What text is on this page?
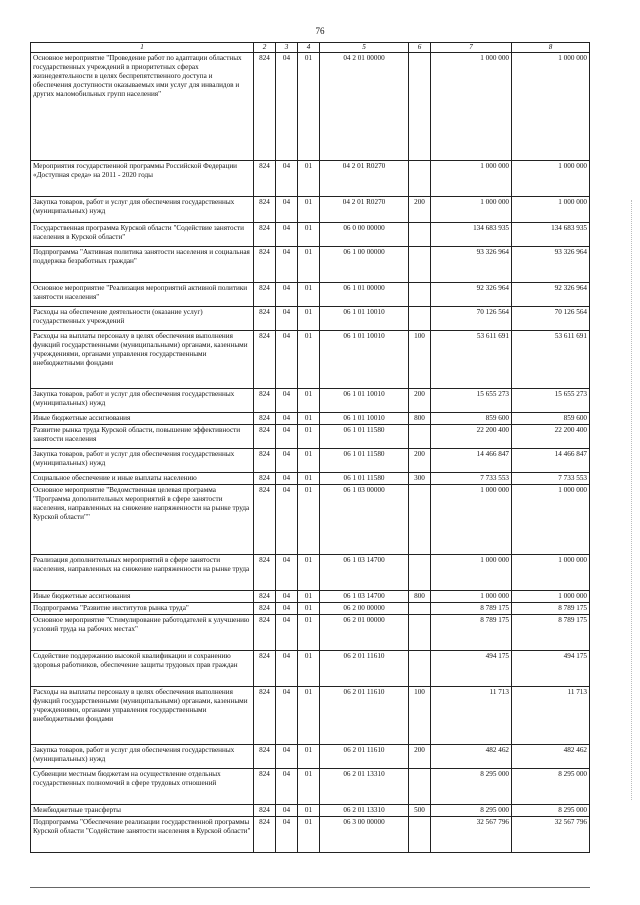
76
1	2	3	4	5	6	7	8
Основное мероприятие "Проведение работ по адаптации областных государственных учреждений в приоритетных сферах жизнедеятельности в целях беспрепятственного доступа и обеспечения доступности оказываемых ими услуг для инвалидов и других маломобильных групп населения"	824	04	01	04 2 01 00000		1 000 000	1 000 000
Мероприятия государственной программы Российской Федерации «Доступная среда» на 2011 - 2020 годы	824	04	01	04 2 01 R0270		1 000 000	1 000 000
Закупка товаров, работ и услуг для обеспечения государственных (муниципальных) нужд	824	04	01	04 2 01 R0270	200	1 000 000	1 000 000
Государственная программа Курской области "Содействие занятости населения в Курской области"	824	04	01	06 0 00 00000		134 683 935	134 683 935
Подпрограмма "Активная политика занятости населения и социальная поддержка безработных граждан"	824	04	01	06 1 00 00000		93 326 964	93 326 964
Основное мероприятие "Реализация мероприятий активной политики занятости населения"	824	04	01	06 1 01 00000		92 326 964	92 326 964
Расходы на обеспечение деятельности (оказание услуг) государственных учреждений	824	04	01	06 1 01 10010		70 126 564	70 126 564
Расходы на выплаты персоналу в целях обеспечения выполнения функций государственными (муниципальными) органами, казенными учреждениями, органами управления государственными внебюджетными фондами	824	04	01	06 1 01 10010	100	53 611 691	53 611 691
Закупка товаров, работ и услуг для обеспечения государственных (муниципальных) нужд	824	04	01	06 1 01 10010	200	15 655 273	15 655 273
Иные бюджетные ассигнования	824	04	01	06 1 01 10010	800	859 600	859 600
Развитие рынка труда Курской области, повышение эффективности занятости населения	824	04	01	06 1 01 11580		22 200 400	22 200 400
Закупка товаров, работ и услуг для обеспечения государственных (муниципальных) нужд	824	04	01	06 1 01 11580	200	14 466 847	14 466 847
Социальное обеспечение и иные выплаты населению	824	04	01	06 1 01 11580	300	7 733 553	7 733 553
Основное мероприятие "Ведомственная целевая программа "Программа дополнительных мероприятий в сфере занятости населения, направленных на снижение напряженности на рынке труда Курской области""	824	04	01	06 1 03 00000		1 000 000	1 000 000
Реализация дополнительных мероприятий в сфере занятости населения, направленных на снижение напряженности на рынке труда	824	04	01	06 1 03 14700		1 000 000	1 000 000
Иные бюджетные ассигнования	824	04	01	06 1 03 14700	800	1 000 000	1 000 000
Подпрограмма "Развитие институтов рынка труда"	824	04	01	06 2 00 00000		8 789 175	8 789 175
Основное мероприятие "Стимулирование работодателей к улучшению условий труда на рабочих местах"	824	04	01	06 2 01 00000		8 789 175	8 789 175
Содействие поддержанию высокой квалификации и сохранению здоровья работников, обеспечение защиты трудовых прав граждан	824	04	01	06 2 01 11610		494 175	494 175
Расходы на выплаты персоналу в целях обеспечения выполнения функций государственными (муниципальными) органами, казенными учреждениями, органами управления государственными внебюджетными фондами	824	04	01	06 2 01 11610	100	11 713	11 713
Закупка товаров, работ и услуг для обеспечения государственных (муниципальных) нужд	824	04	01	06 2 01 11610	200	482 462	482 462
Субвенции местным бюджетам на осуществление отдельных государственных полномочий в сфере трудовых отношений	824	04	01	06 2 01 13310		8 295 000	8 295 000
Межбюджетные трансферты	824	04	01	06 2 01 13310	500	8 295 000	8 295 000
Подпрограмма "Обеспечение реализации государственной программы Курской области "Содействие занятости населения в Курской области"	824	04	01	06 3 00 00000		32 567 796	32 567 796
